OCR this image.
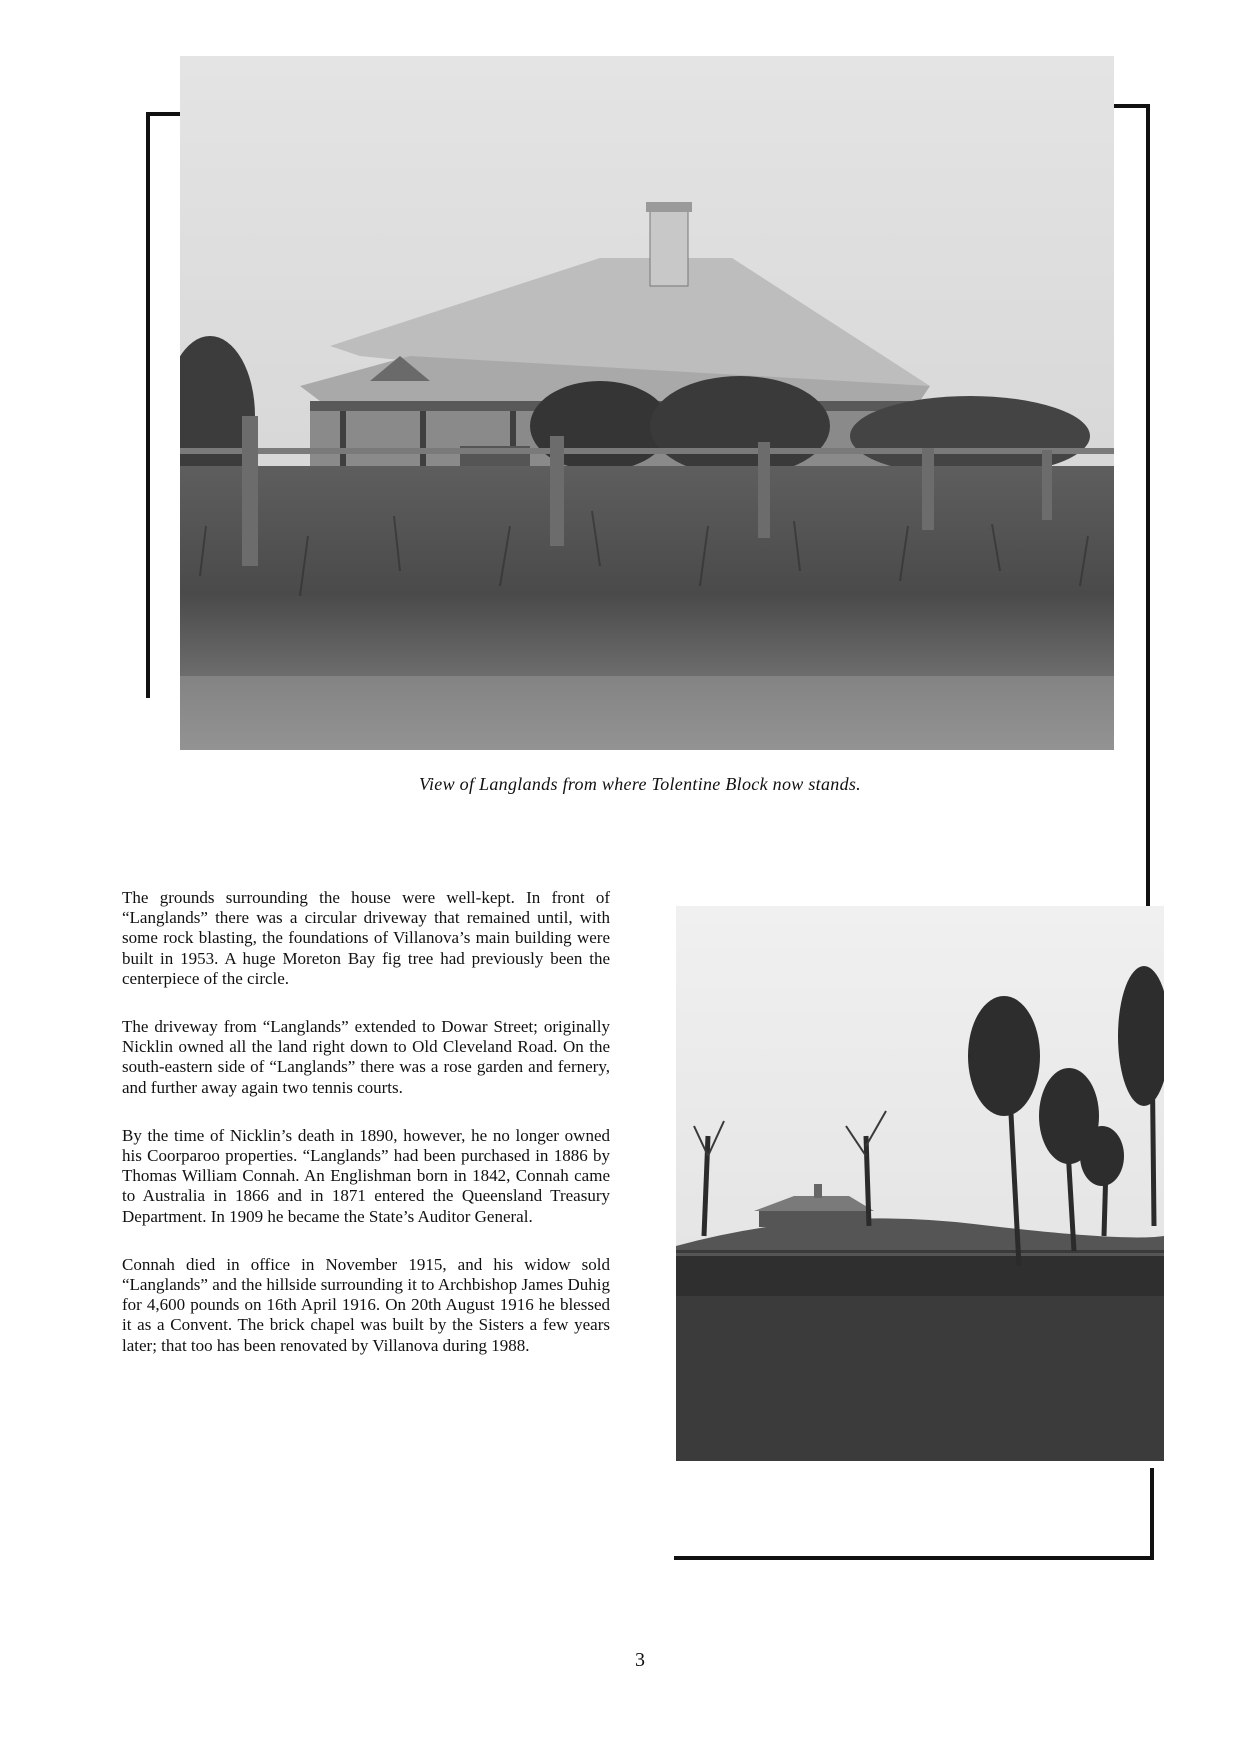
View of Langlands from where Tolentine Block now stands.

The grounds surrounding the house were well-kept. In front of “Langlands” there was a circular driveway that remained until, with some rock blasting, the foundations of Villanova’s main building were built in 1953. A huge Moreton Bay fig tree had previously been the centerpiece of the circle.

The driveway from “Langlands” extended to Dowar Street; originally Nicklin owned all the land right down to Old Cleveland Road. On the south-eastern side of “Langlands” there was a rose garden and fernery, and further away again two tennis courts.

By the time of Nicklin’s death in 1890, however, he no longer owned his Coorparoo properties. “Langlands” had been purchased in 1886 by Thomas William Connah. An Englishman born in 1842, Connah came to Australia in 1866 and in 1871 entered the Queensland Treasury Department. In 1909 he became the State’s Auditor General.

Connah died in office in November 1915, and his widow sold “Langlands” and the hillside surrounding it to Archbishop James Duhig for 4,600 pounds on 16th April 1916. On 20th August 1916 he blessed it as a Convent. The brick chapel was built by the Sisters a few years later; that too has been renovated by Villanova during 1988.

3
